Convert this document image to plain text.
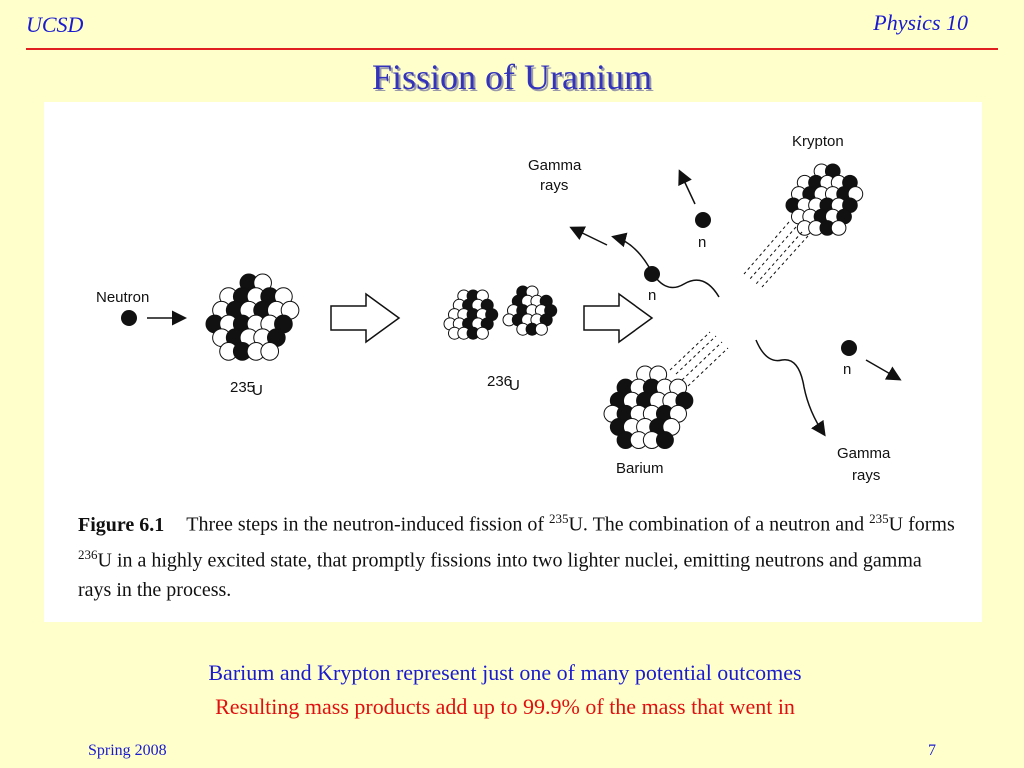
UCSD	Physics 10
Fission of Uranium
Neutron
235
U
236
U
Gamma
rays
n
n
n
Krypton
Barium
Gamma
rays
Figure 6.1 Three steps in the neutron-induced fission of $^{235}$U. The combination of a neutron and $^{235}$U forms $^{236}$U in a highly excited state, that promptly fissions into two lighter nuclei, emitting neutrons and gamma rays in the process.
Barium and Krypton represent just one of many potential outcomes
Resulting mass products add up to 99.9% of the mass that went in
Spring 2008	7
